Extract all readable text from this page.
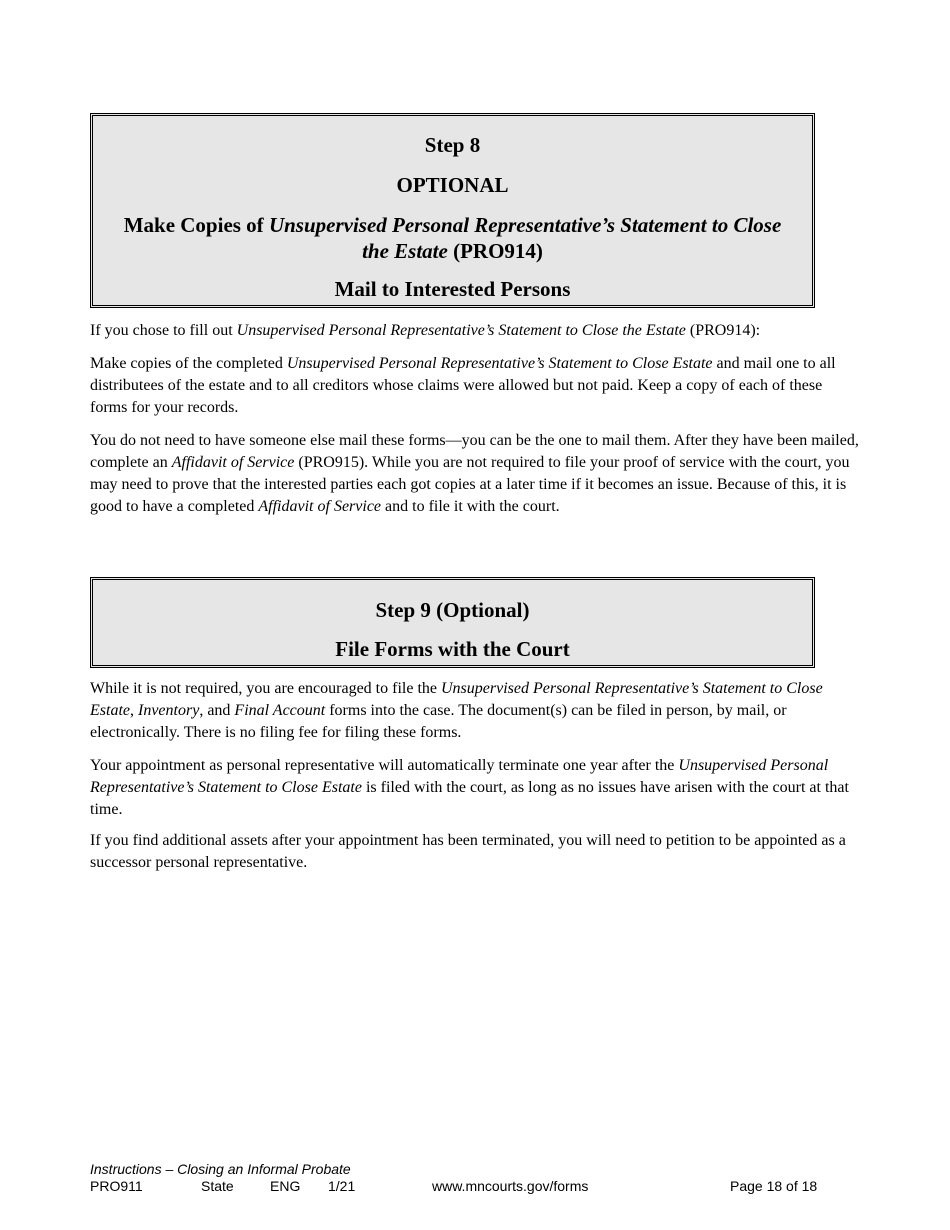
Step 8
OPTIONAL
Make Copies of Unsupervised Personal Representative’s Statement to Close the Estate (PRO914)
Mail to Interested Persons

If you chose to fill out Unsupervised Personal Representative’s Statement to Close the Estate (PRO914):

Make copies of the completed Unsupervised Personal Representative’s Statement to Close Estate and mail one to all distributees of the estate and to all creditors whose claims were allowed but not paid. Keep a copy of each of these forms for your records.

You do not need to have someone else mail these forms—you can be the one to mail them. After they have been mailed, complete an Affidavit of Service (PRO915). While you are not required to file your proof of service with the court, you may need to prove that the interested parties each got copies at a later time if it becomes an issue. Because of this, it is good to have a completed Affidavit of Service and to file it with the court.

Step 9 (Optional)
File Forms with the Court

While it is not required, you are encouraged to file the Unsupervised Personal Representative’s Statement to Close Estate, Inventory, and Final Account forms into the case. The document(s) can be filed in person, by mail, or electronically. There is no filing fee for filing these forms.

Your appointment as personal representative will automatically terminate one year after the Unsupervised Personal Representative’s Statement to Close Estate is filed with the court, as long as no issues have arisen with the court at that time.

If you find additional assets after your appointment has been terminated, you will need to petition to be appointed as a successor personal representative.

Instructions – Closing an Informal Probate
PRO911	State	ENG 1/21	www.mncourts.gov/forms	Page 18 of 18
